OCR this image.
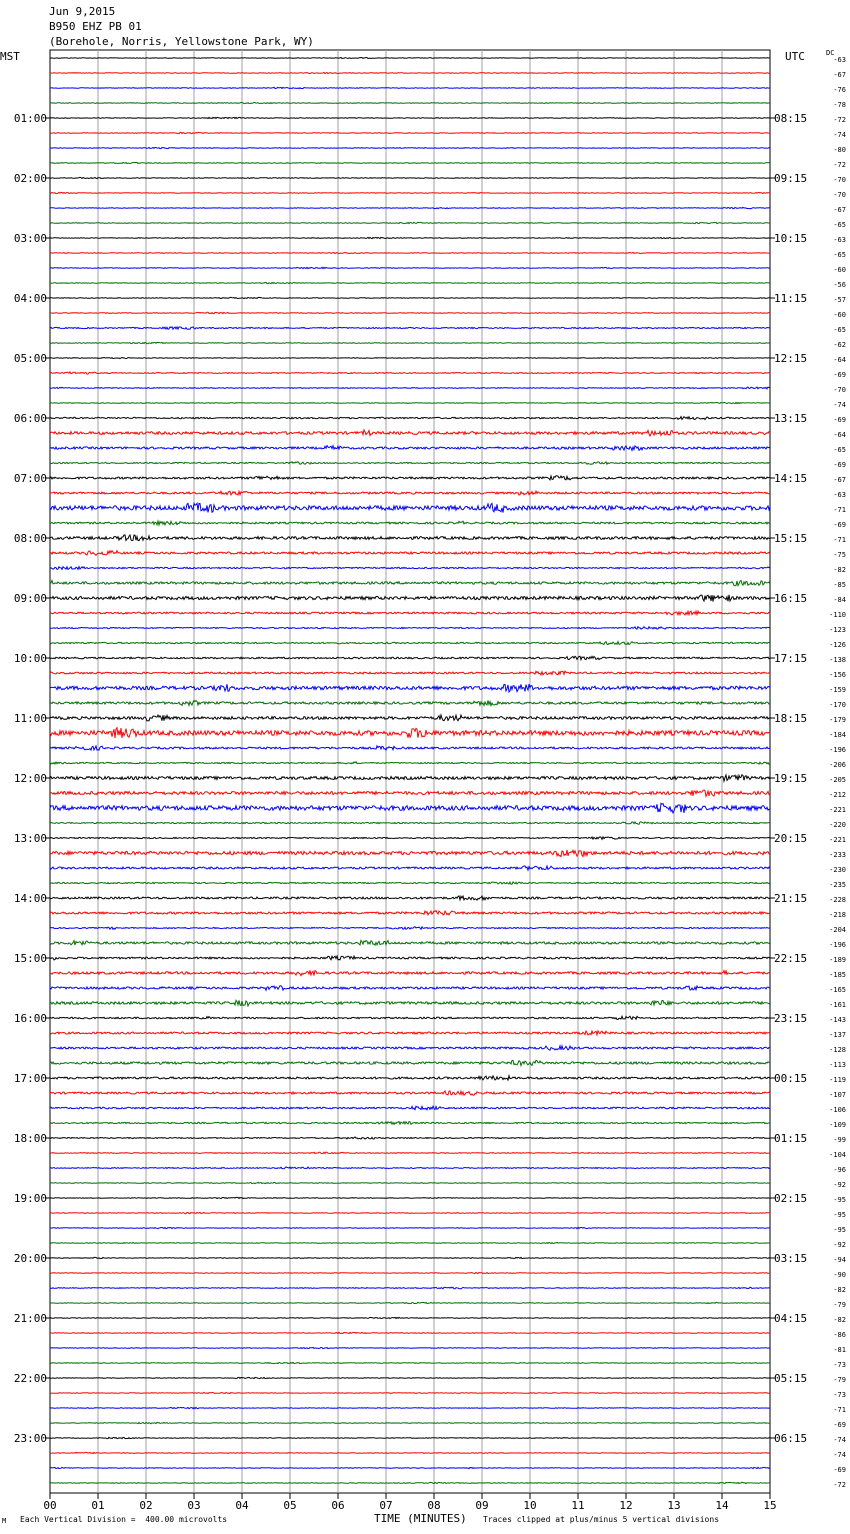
Jun 9,2015
B950 EHZ PB 01
(Borehole, Norris, Yellowstone Park, WY)
MST	UTC	DC
00	01	02	03	04	05	06	07	08	09	10	11	12	13	14	15
-63
-67
-76
-78
-72
-74
-80
-72
-70
-70
-67
-65
-63
-65
-60
-56
-57
-60
-65
-62
-64
-69
-70
-74
-69
-64
-65
-69
-67
-63
-71
-69
-71
-75
-82
-85
-84
-110
-123
-126
-138
-156
-159
-170
-179
-184
-196
-206
-205
-212
-221
-220
-221
-233
-230
-235
-228
-218
-204
-196
-189
-185
-165
-161
-143
-137
-128
-113
-119
-107
-106
-109
-99
-104
-96
-92
-95
-95
-95
-92
-94
-90
-82
-79
-82
-86
-81
-73
-79
-73
-71
-69
-74
-74
-69
-72
01:00	08:15
02:00	09:15
03:00	10:15
04:00	11:15
05:00	12:15
06:00	13:15
07:00	14:15
08:00	15:15
09:00	16:15
10:00	17:15
11:00	18:15
12:00	19:15
13:00	20:15
14:00	21:15
15:00	22:15
16:00	23:15
17:00	00:15
18:00	01:15
19:00	02:15
20:00	03:15
21:00	04:15
22:00	05:15
23:00	06:15
M Each Vertical Division =  400.00 microvolts	TIME (MINUTES) Traces clipped at plus/minus 5 vertical divisions
